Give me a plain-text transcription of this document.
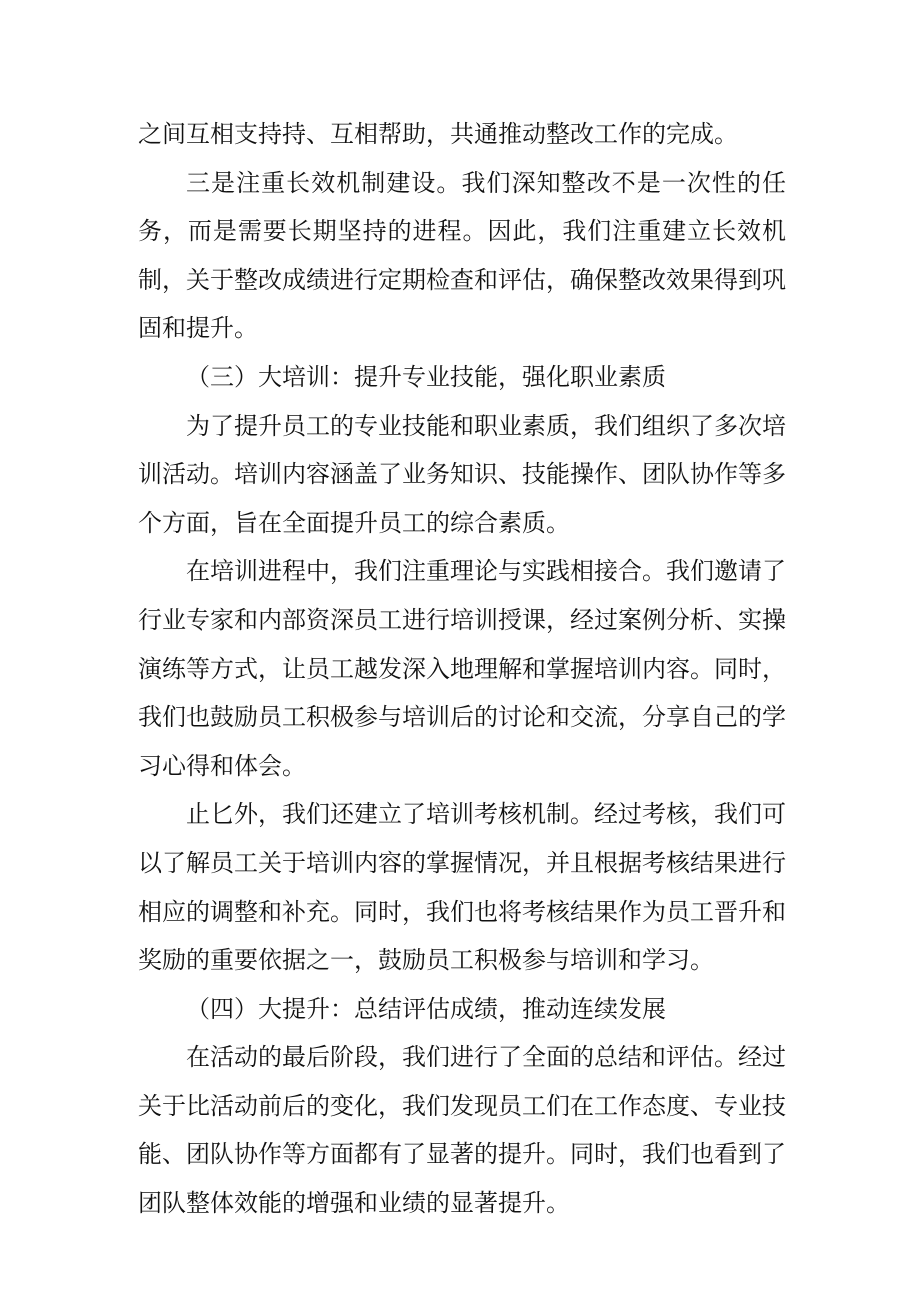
之间互相支持持、互相帮助，共通推动整改工作的完成。

三是注重长效机制建设。我们深知整改不是一次性的任务，而是需要长期坚持的进程。因此，我们注重建立长效机制，关于整改成绩进行定期检查和评估，确保整改效果得到巩固和提升。

（三）大培训：提升专业技能，强化职业素质

为了提升员工的专业技能和职业素质，我们组织了多次培训活动。培训内容涵盖了业务知识、技能操作、团队协作等多个方面，旨在全面提升员工的综合素质。

在培训进程中，我们注重理论与实践相接合。我们邀请了行业专家和内部资深员工进行培训授课，经过案例分析、实操演练等方式，让员工越发深入地理解和掌握培训内容。同时，我们也鼓励员工积极参与培训后的讨论和交流，分享自己的学习心得和体会。

止匕外，我们还建立了培训考核机制。经过考核，我们可以了解员工关于培训内容的掌握情况，并且根据考核结果进行相应的调整和补充。同时，我们也将考核结果作为员工晋升和奖励的重要依据之一，鼓励员工积极参与培训和学习。

（四）大提升：总结评估成绩，推动连续发展

在活动的最后阶段，我们进行了全面的总结和评估。经过关于比活动前后的变化，我们发现员工们在工作态度、专业技能、团队协作等方面都有了显著的提升。同时，我们也看到了团队整体效能的增强和业绩的显著提升。
